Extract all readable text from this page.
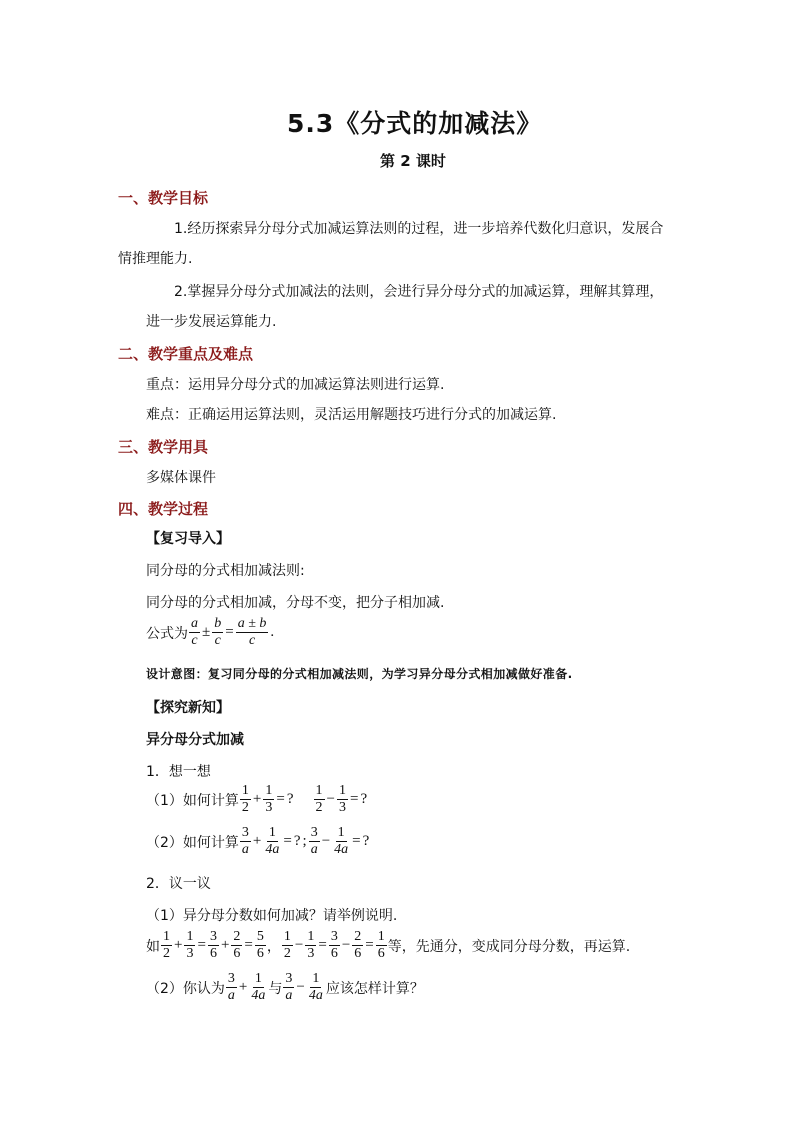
5.3《分式的加减法》
第 2 课时
一、教学目标
1.经历探索异分母分式加减运算法则的过程，进一步培养代数化归意识，发展合
情推理能力.
2.掌握异分母分式加减法的法则，会进行异分母分式的加减运算，理解其算理，
进一步发展运算能力.
二、教学重点及难点
重点：运用异分母分式的加减运算法则进行运算.
难点：正确运用运算法则，灵活运用解题技巧进行分式的加减运算.
三、教学用具
多媒体课件
四、教学过程
【复习导入】
同分母的分式相加减法则:
同分母的分式相加减，分母不变，把分子相加减.
公式为 $\frac{a}{c} \pm \frac{b}{c} = \frac{a \pm b}{c}$ .
设计意图：复习同分母的分式相加减法则，为学习异分母分式相加减做好准备.
【探究新知】
异分母分式加减
1．想一想
（1）如何计算 $\frac{1}{2} + \frac{1}{3}$ = ? $\frac{1}{2} - \frac{1}{3}$ = ?
（2）如何计算 $\frac{3}{a} + \frac{1}{4a}$ = ? ; $\frac{3}{a} - \frac{1}{4a}$ = ?
2．议一议
（1）异分母分数如何加减？请举例说明.
如 $\frac{1}{2} + \frac{1}{3} = \frac{3}{6} + \frac{2}{6} = \frac{5}{6}$ ， $\frac{1}{2} - \frac{1}{3} = \frac{3}{6} - \frac{2}{6} = \frac{1}{6}$ 等，先通分，变成同分母分数，再运算.
（2）你认为 $\frac{3}{a} + \frac{1}{4a}$ 与 $\frac{3}{a} - \frac{1}{4a}$ 应该怎样计算？
